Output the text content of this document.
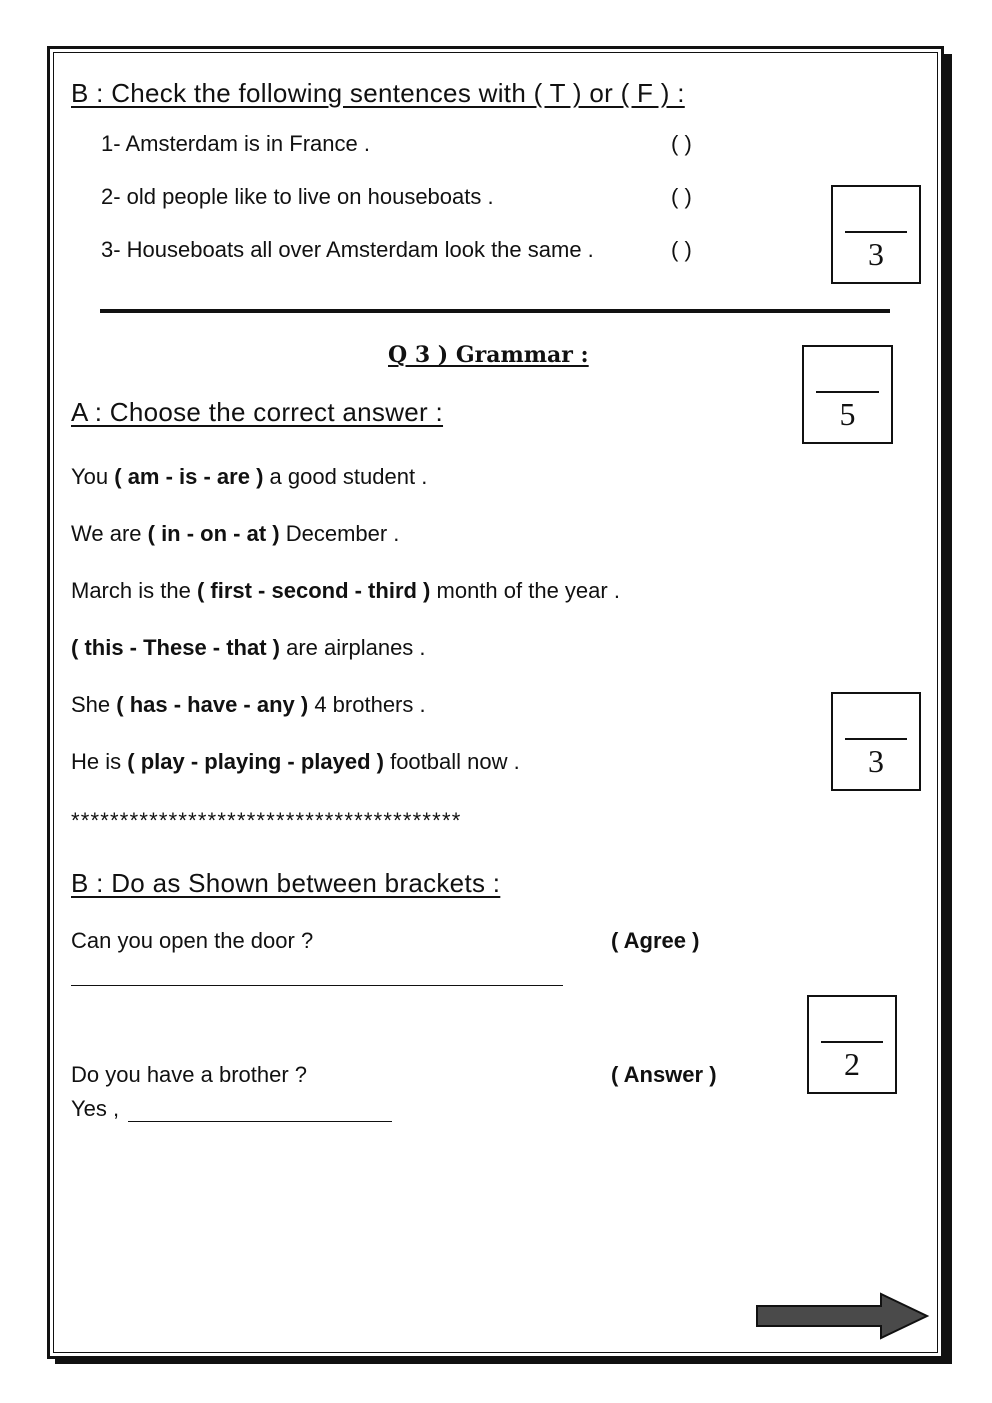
B : Check the following sentences with ( T ) or ( F ) :
1- Amsterdam is in France .	( )
2- old people like to live on houseboats .	( )
3- Houseboats all over Amsterdam look the same .	( )	3
Q 3 ) Grammar :
5
A : Choose the correct answer :
You ( am - is - are ) a good student .
We are ( in - on - at ) December .
March is the ( first - second - third ) month of the year .
( this - These - that ) are airplanes .
She ( has - have - any ) 4 brothers .
He is ( play - playing - played ) football now .	3
****************************************
B : Do as Shown between brackets :
Can you open the door ?	( Agree )
2
Do you have a brother ?	( Answer )
Yes ,
